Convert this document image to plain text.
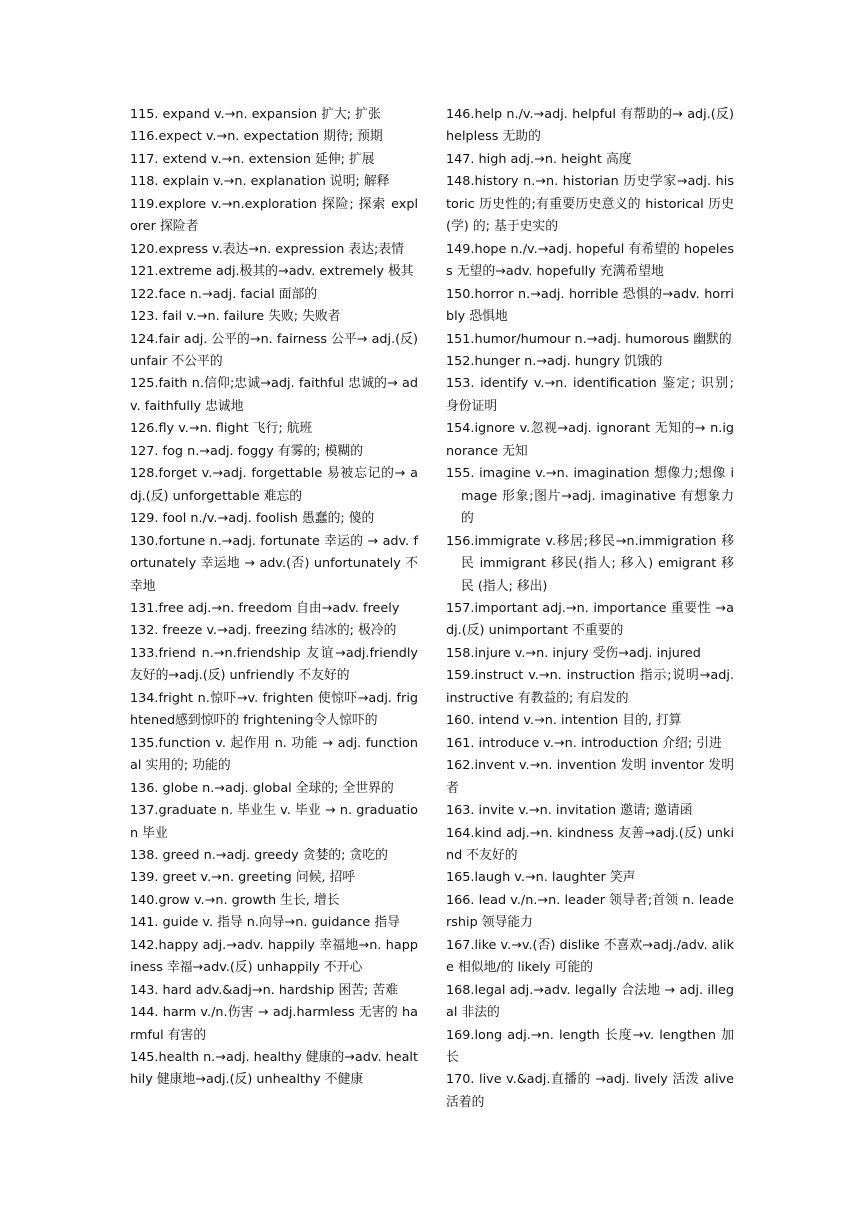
115. expand v.→n. expansion 扩大; 扩张

116.expect v.→n. expectation 期待; 预期

117. extend v.→n. extension 延伸; 扩展

118. explain v.→n. explanation 说明; 解释

119.explore v.→n.exploration 探险; 探索 explorer 探险者

120.express v.表达→n. expression 表达;表情

121.extreme adj.极其的→adv. extremely 极其

122.face n.→adj. facial 面部的

123. fail v.→n. failure 失败; 失败者

124.fair adj. 公平的→n. fairness 公平→ adj.(反) unfair 不公平的

125.faith n.信仰;忠诚→adj. faithful 忠诚的→ adv. faithfully 忠诚地

126.fly v.→n. flight 飞行; 航班

127. fog n.→adj. foggy 有雾的; 模糊的

128.forget v.→adj. forgettable 易被忘记的→ adj.(反) unforgettable 难忘的

129. fool n./v.→adj. foolish 愚蠢的; 傻的

130.fortune n.→adj. fortunate 幸运的 → adv. fortunately 幸运地 → adv.(否) unfortunately 不幸地

131.free adj.→n. freedom 自由→adv. freely

132. freeze v.→adj. freezing 结冰的; 极冷的

133.friend n.→n.friendship 友谊→adj.friendly 友好的→adj.(反) unfriendly 不友好的

134.fright n.惊吓→v. frighten 使惊吓→adj. frightened感到惊吓的 frightening令人惊吓的

135.function v. 起作用 n. 功能 → adj. functional 实用的; 功能的

136. globe n.→adj. global 全球的; 全世界的

137.graduate n. 毕业生 v. 毕业 → n. graduation 毕业

138. greed n.→adj. greedy 贪婪的; 贪吃的

139. greet v.→n. greeting 问候, 招呼

140.grow v.→n. growth 生长, 增长

141. guide v. 指导 n.向导→n. guidance 指导

142.happy adj.→adv. happily 幸福地→n. happiness 幸福→adv.(反) unhappily 不开心

143. hard adv.&adj→n. hardship 困苦; 苦难

144. harm v./n.伤害 → adj.harmless 无害的 harmful 有害的

145.health n.→adj. healthy 健康的→adv. healthily 健康地→adj.(反) unhealthy 不健康

146.help n./v.→adj. helpful 有帮助的→ adj.(反) helpless 无助的

147. high adj.→n. height 高度

148.history n.→n. historian 历史学家→adj. historic 历史性的;有重要历史意义的 historical 历史 (学) 的; 基于史实的

149.hope n./v.→adj. hopeful 有希望的 hopeless 无望的→adv. hopefully 充满希望地

150.horror n.→adj. horrible 恐惧的→adv. horribly 恐惧地

151.humor/humour n.→adj. humorous 幽默的

152.hunger n.→adj. hungry 饥饿的

153. identify v.→n. identification 鉴定; 识别; 身份证明

154.ignore v.忽视→adj. ignorant 无知的→ n.ignorance 无知

155. imagine v.→n. imagination 想像力;想像 image 形象;图片→adj. imaginative 有想象力的

156.immigrate v.移居;移民→n.immigration 移民 immigrant 移民(指人; 移入) emigrant 移民 (指人; 移出)

157.important adj.→n. importance 重要性 →adj.(反) unimportant 不重要的

158.injure v.→n. injury 受伤→adj. injured

159.instruct v.→n. instruction 指示;说明→adj. instructive 有教益的; 有启发的

160. intend v.→n. intention 目的, 打算

161. introduce v.→n. introduction 介绍; 引进

162.invent v.→n. invention 发明 inventor 发明者

163. invite v.→n. invitation 邀请; 邀请函

164.kind adj.→n. kindness 友善→adj.(反) unkind 不友好的

165.laugh v.→n. laughter 笑声

166. lead v./n.→n. leader 领导者;首领 n. leadership 领导能力

167.like v.→v.(否) dislike 不喜欢→adj./adv. alike 相似地/的 likely 可能的

168.legal adj.→adv. legally 合法地 → adj. illegal 非法的

169.long adj.→n. length 长度→v. lengthen 加长

170. live v.&adj.直播的 →adj. lively 活泼 alive 活着的
